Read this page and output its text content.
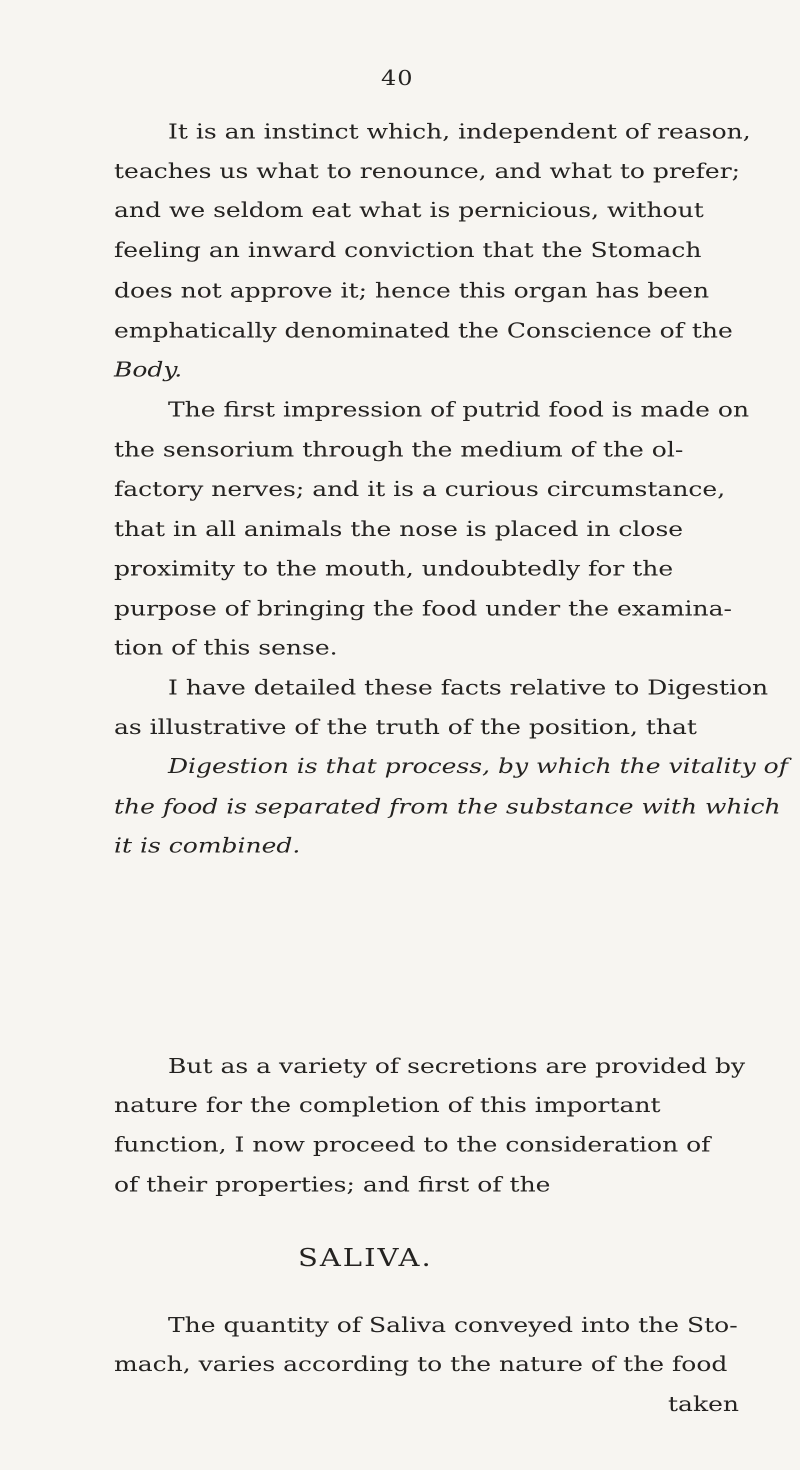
40
It is an instinct which, independent of reason,
teaches us what to renounce, and what to prefer;
and we seldom eat what is pernicious, without
feeling an inward conviction that the Stomach
does not approve it; hence this organ has been
emphatically denominated the Conscience of the
Body.
The first impression of putrid food is made on
the sensorium through the medium of the ol-
factory nerves; and it is a curious circumstance,
that in all animals the nose is placed in close
proximity to the mouth, undoubtedly for the
purpose of bringing the food under the examina-
tion of this sense.
I have detailed these facts relative to Digestion
as illustrative of the truth of the position, that
Digestion is that process, by which the vitality of
the food is separated from the substance with which
it is combined.
But as a variety of secretions are provided by
nature for the completion of this important
function, I now proceed to the consideration of
of their properties; and first of the
SALIVA.
The quantity of Saliva conveyed into the Sto-
mach, varies according to the nature of the food
taken
